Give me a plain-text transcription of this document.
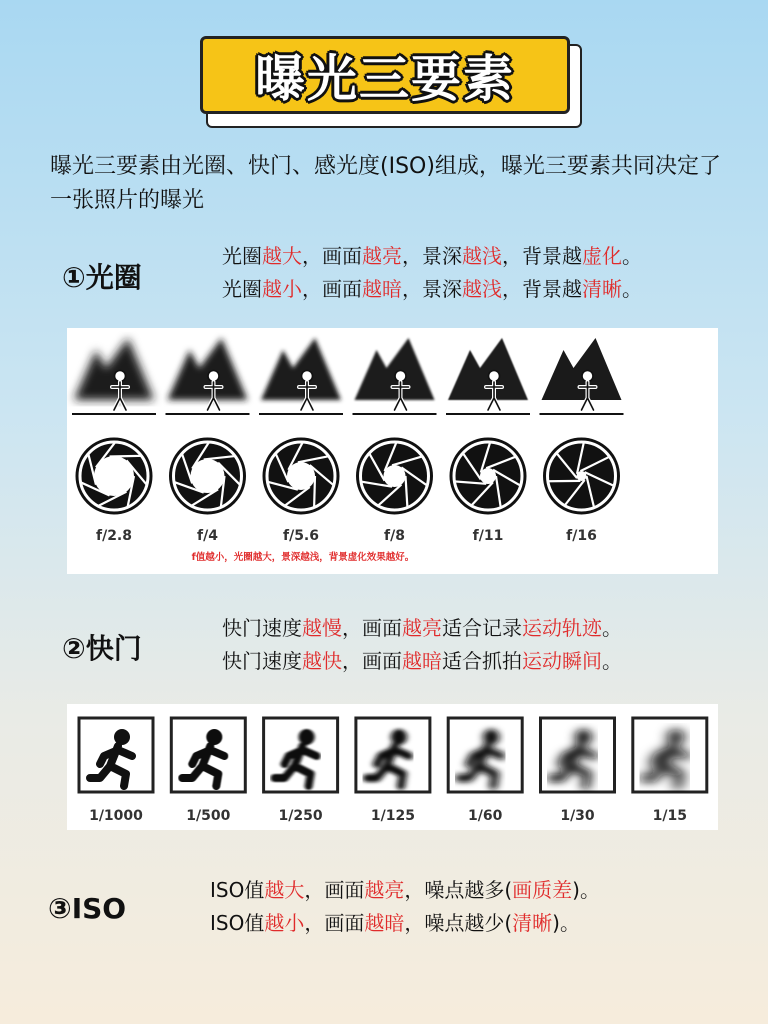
曝光三要素
曝光三要素由光圈、快门、感光度(ISO)组成，曝光三要素共同决定了一张照片的曝光
①光圈
光圈越大，画面越亮，景深越浅，背景越虚化。
光圈越小，画面越暗，景深越浅，背景越清晰。
f/2.8	f/4	f/5.6	f/8	f/11	f/16
f值越小，光圈越大，景深越浅，背景虚化效果越好。
②快门
快门速度越慢，画面越亮适合记录运动轨迹。
快门速度越快，画面越暗适合抓拍运动瞬间。
1/1000	1/500	1/250	1/125	1/60	1/30	1/15
③ISO
ISO值越大，画面越亮，噪点越多(画质差)。
ISO值越小，画面越暗，噪点越少(清晰)。
